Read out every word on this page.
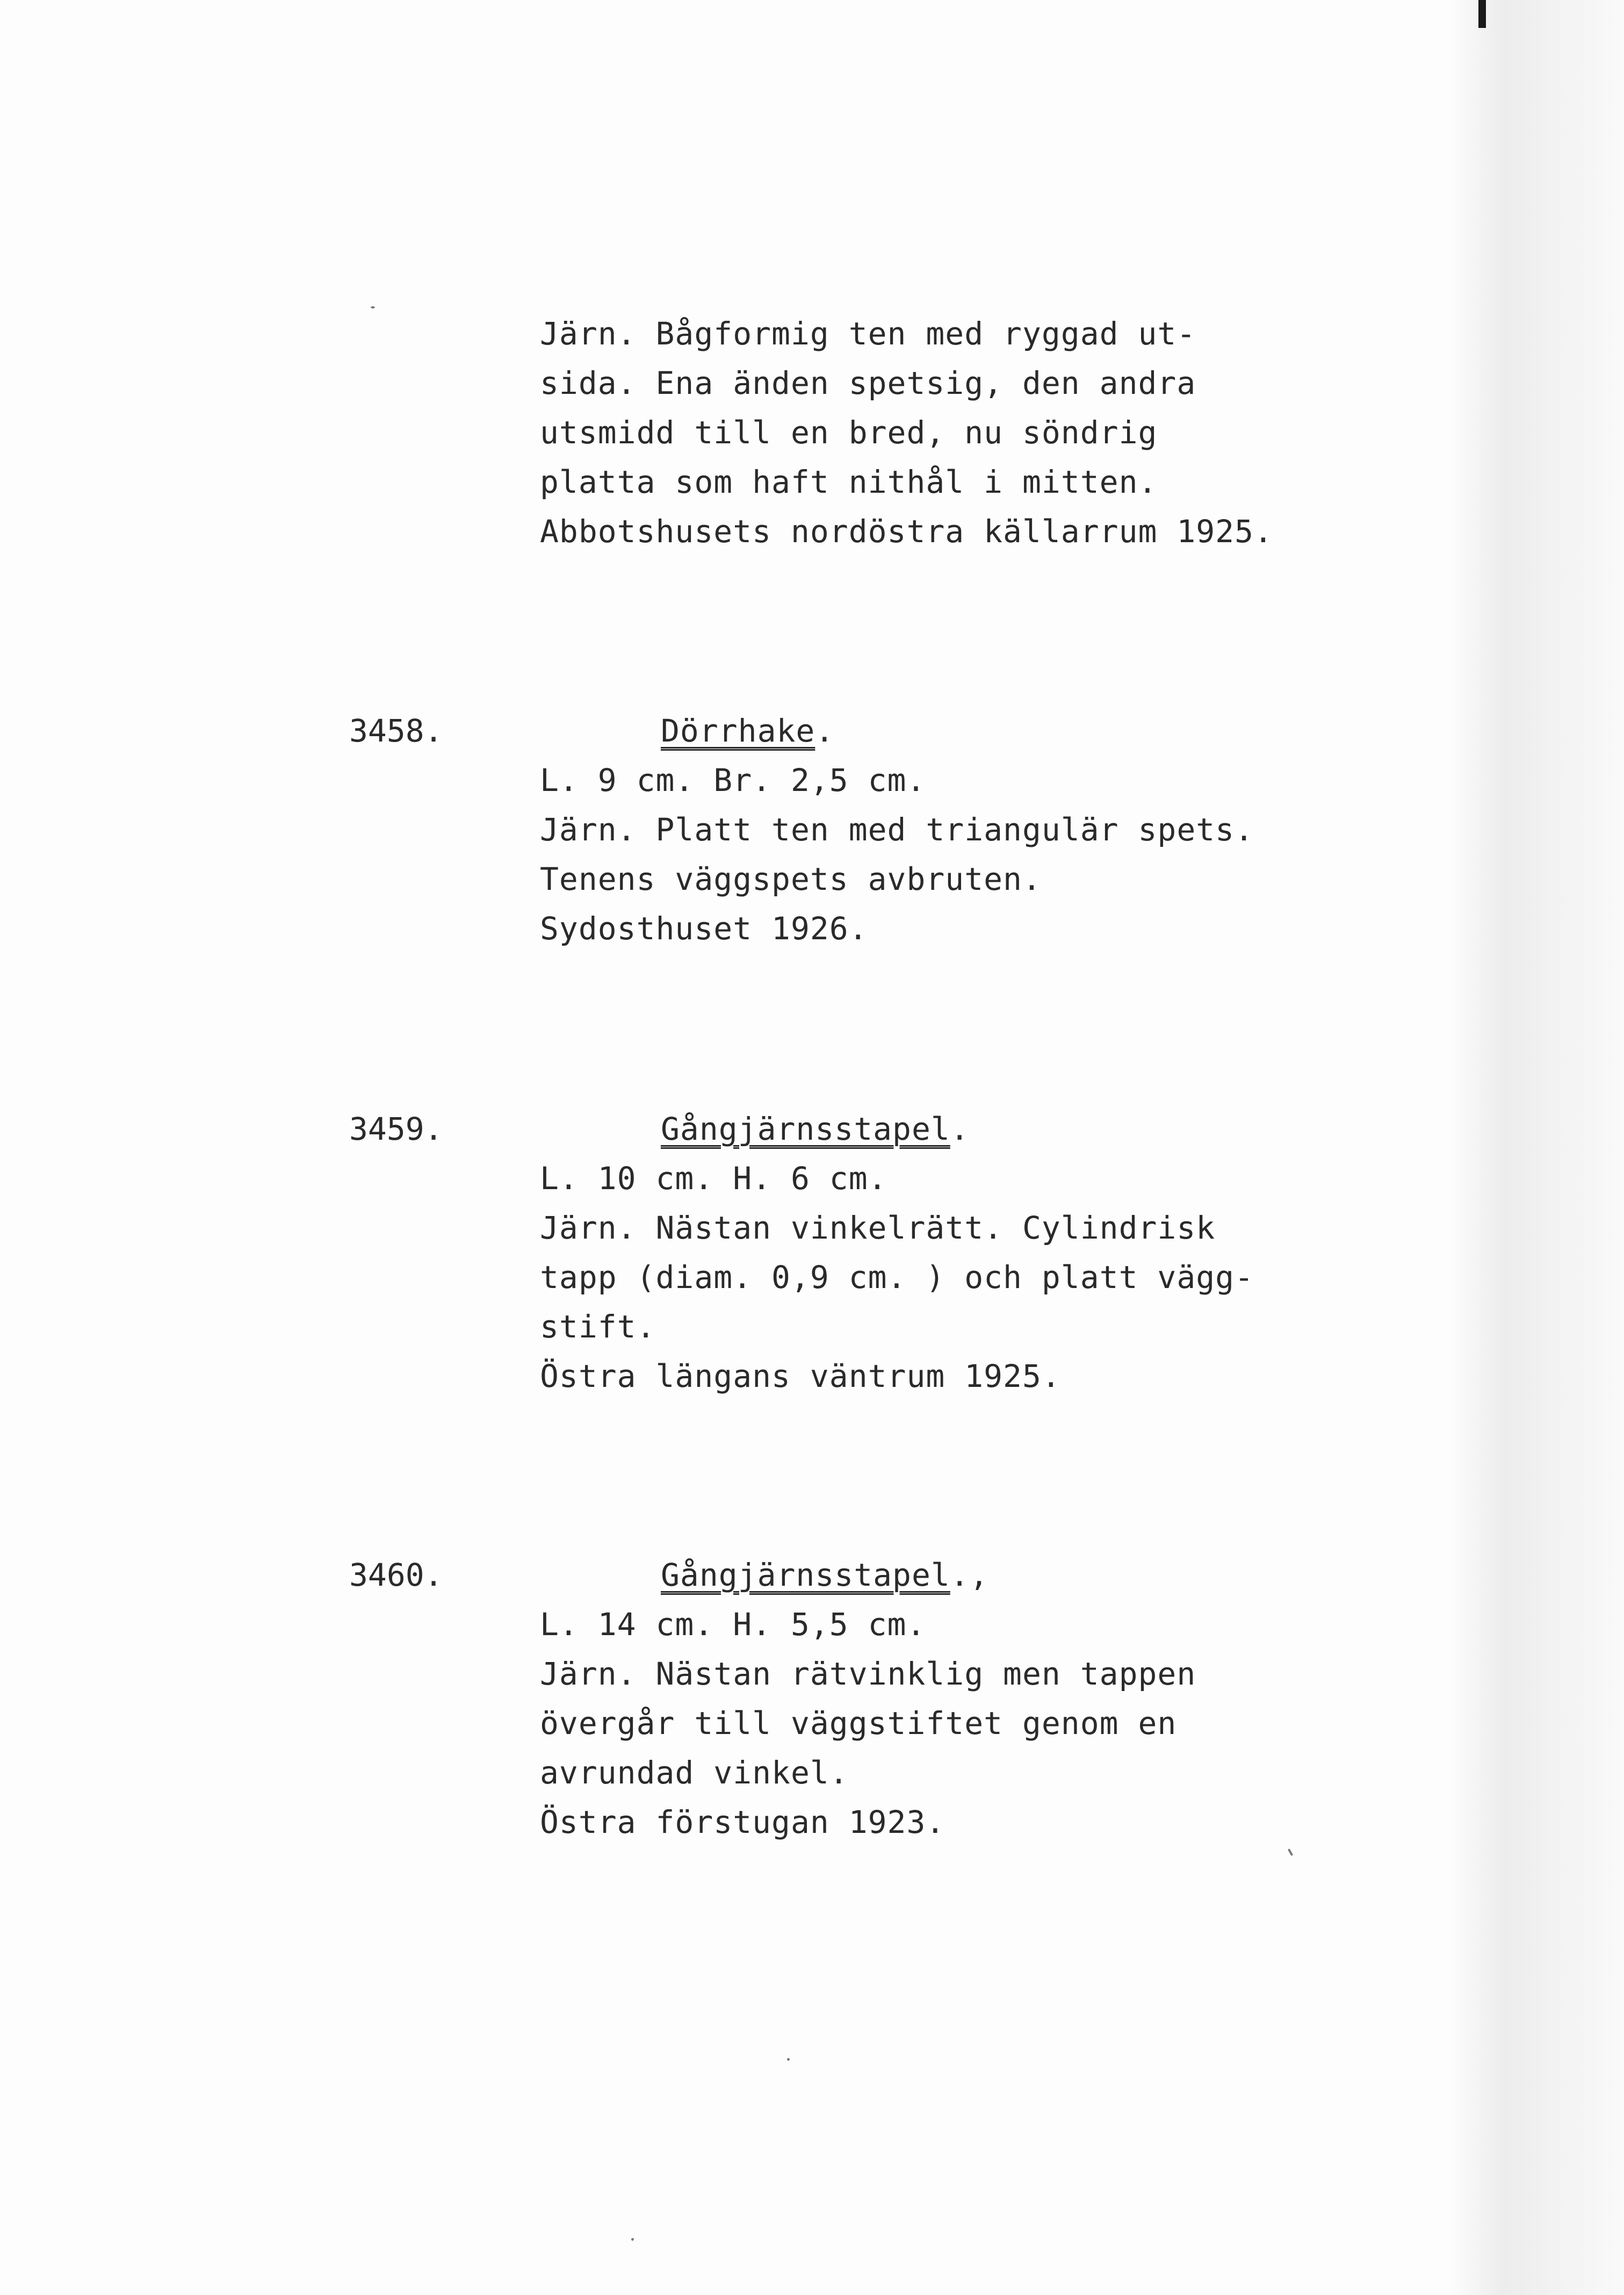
Järn. Bågformig ten med ryggad ut-
sida. Ena änden spetsig, den andra
utsmidd till en bred, nu söndrig
platta som haft nithål i mitten.
Abbotshusets nordöstra källarrum 1925.
3458.	Dörrhake.
L. 9 cm. Br. 2,5 cm.
Järn. Platt ten med triangulär spets.
Tenens väggspets avbruten.
Sydosthuset 1926.
3459.	Gångjärnsstapel.
L. 10 cm. H. 6 cm.
Järn. Nästan vinkelrätt. Cylindrisk
tapp (diam. 0,9 cm. ) och platt vägg-
stift.
Östra längans väntrum 1925.
3460.	Gångjärnsstapel.,
L. 14 cm. H. 5,5 cm.
Järn. Nästan rätvinklig men tappen
övergår till väggstiftet genom en
avrundad vinkel.
Östra förstugan 1923.
